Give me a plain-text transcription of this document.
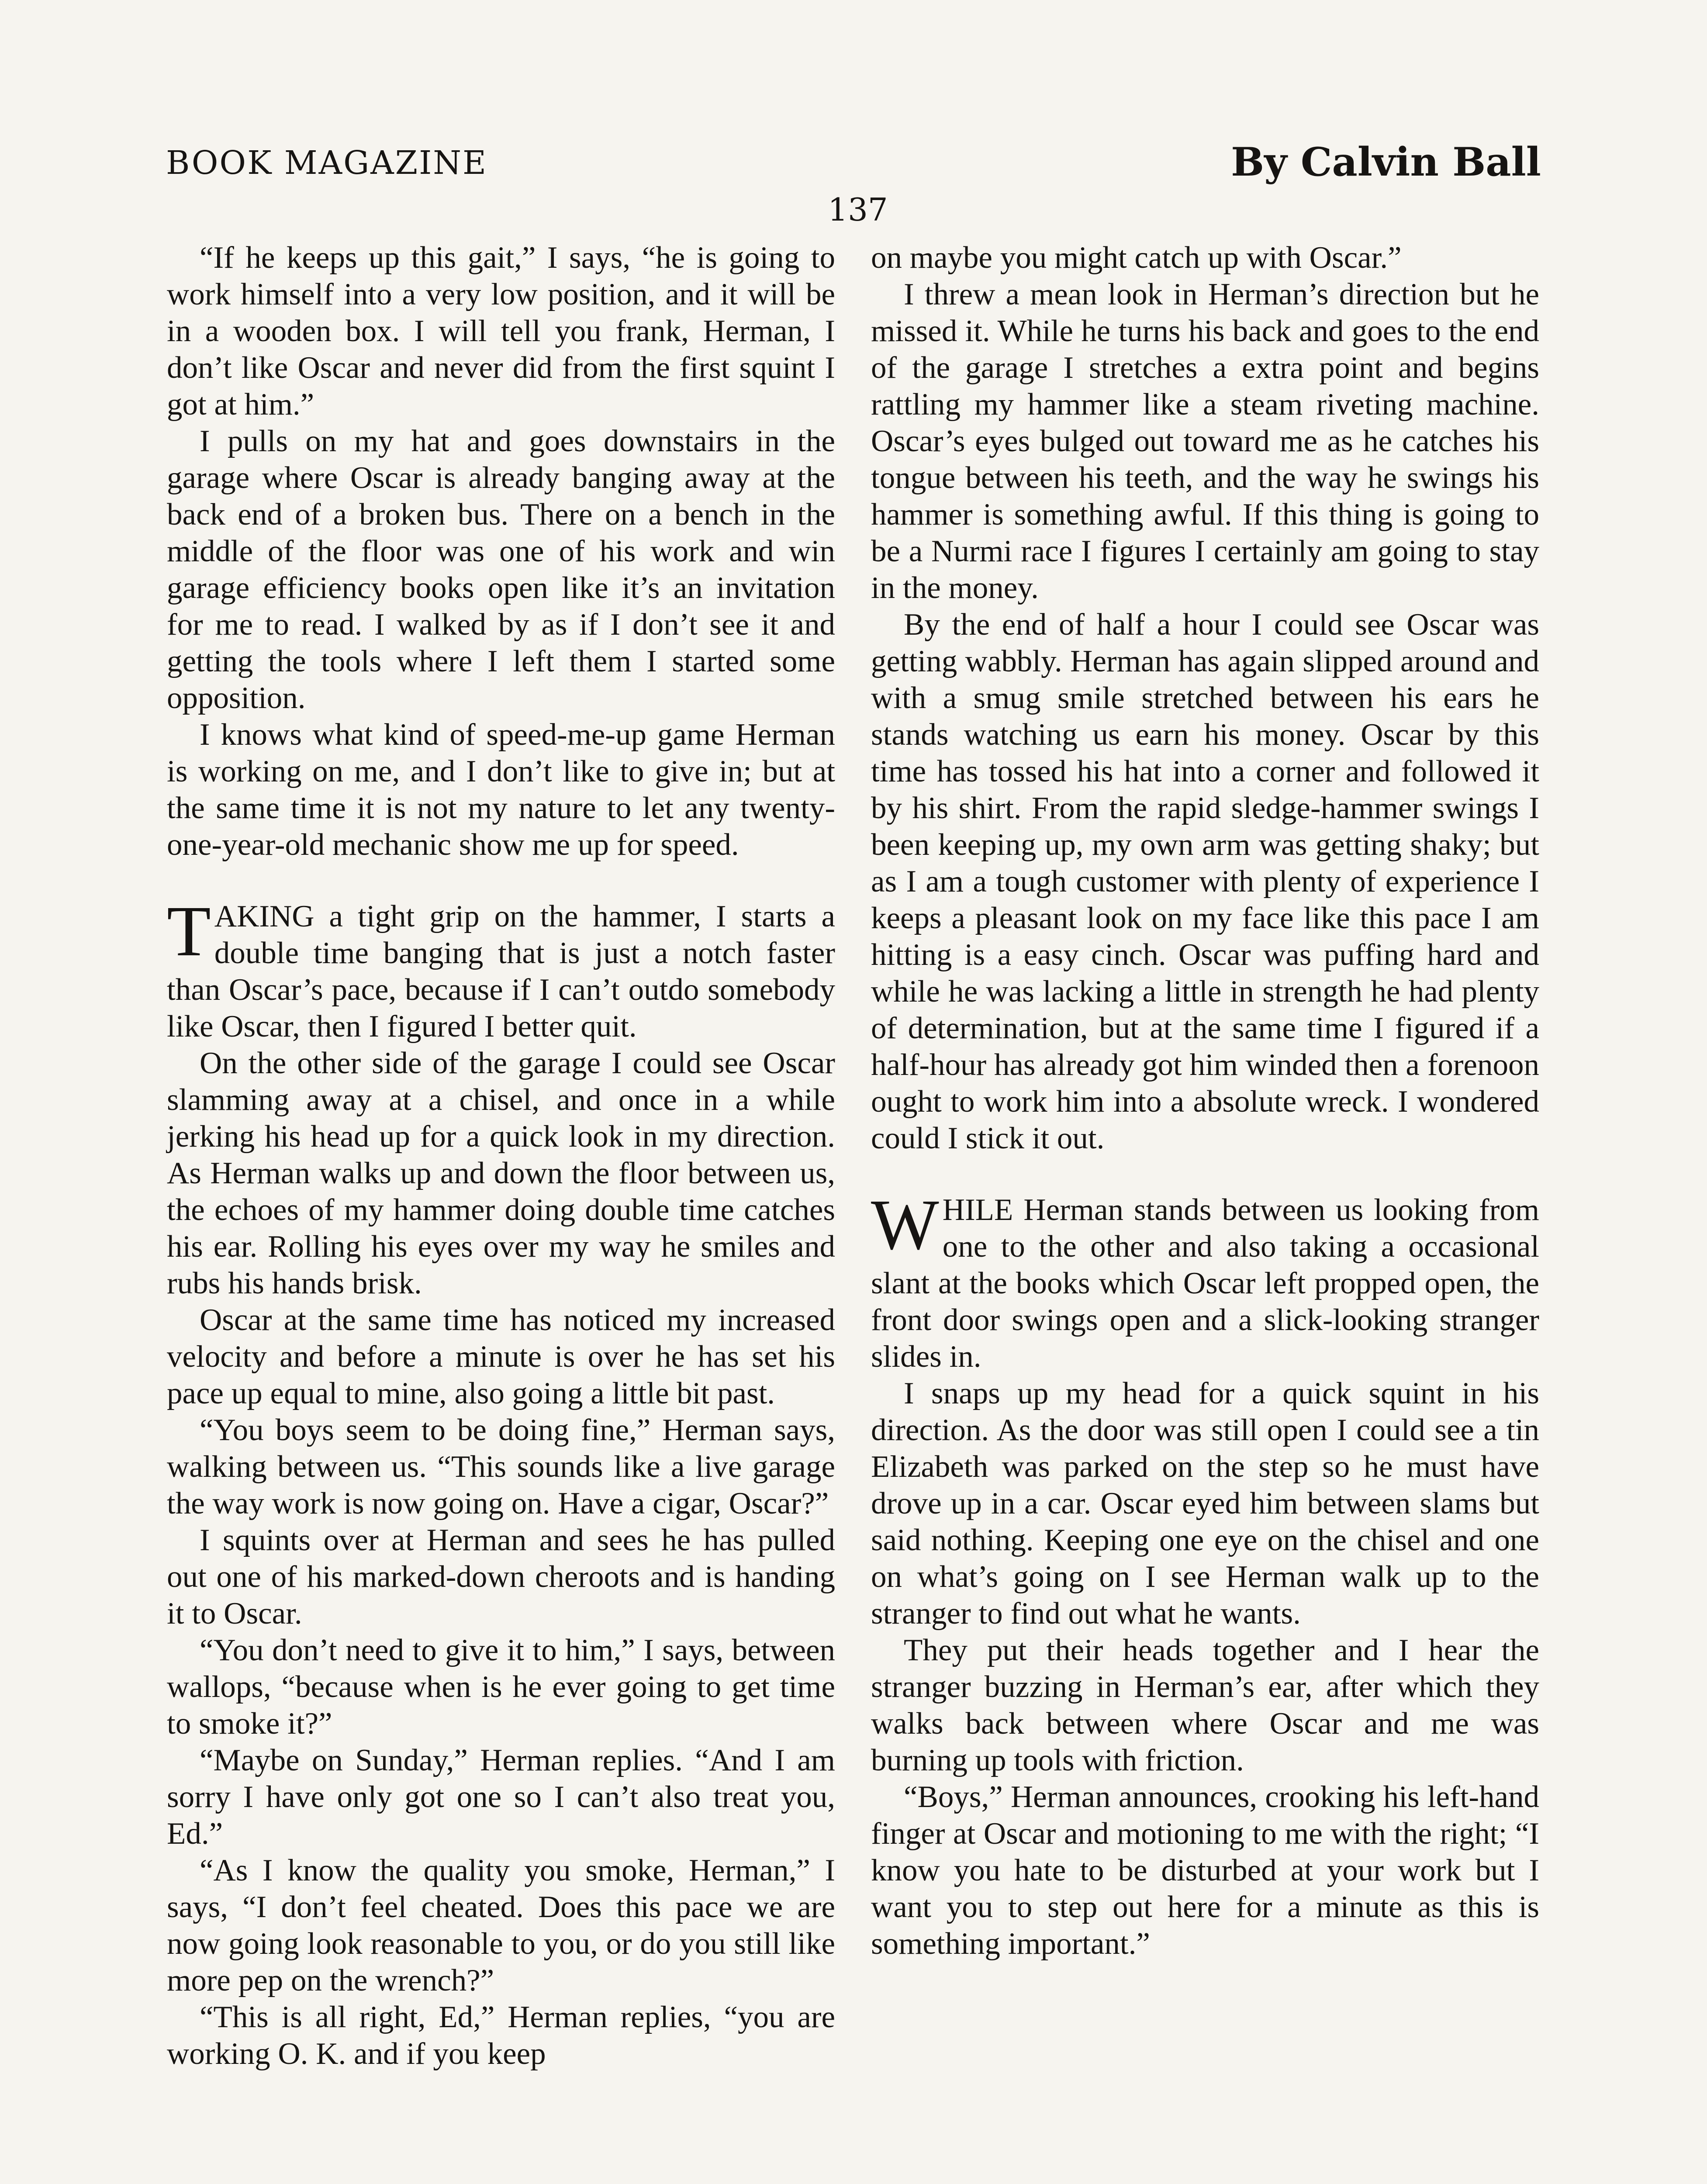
BOOK MAGAZINE	By Calvin Ball
137

“If he keeps up this gait,” I says, “he is going to work himself into a very low position, and it will be in a wooden box. I will tell you frank, Herman, I don’t like Oscar and never did from the first squint I got at him.”

I pulls on my hat and goes downstairs in the garage where Oscar is already banging away at the back end of a broken bus. There on a bench in the middle of the floor was one of his work and win garage efficiency books open like it’s an invitation for me to read. I walked by as if I don’t see it and getting the tools where I left them I started some opposition.

I knows what kind of speed-me-up game Herman is working on me, and I don’t like to give in; but at the same time it is not my nature to let any twenty-one-year-old mechanic show me up for speed.

TAKING a tight grip on the hammer, I starts a double time banging that is just a notch faster than Oscar’s pace, because if I can’t outdo somebody like Oscar, then I figured I better quit.

On the other side of the garage I could see Oscar slamming away at a chisel, and once in a while jerking his head up for a quick look in my direction. As Herman walks up and down the floor between us, the echoes of my hammer doing double time catches his ear. Rolling his eyes over my way he smiles and rubs his hands brisk.

Oscar at the same time has noticed my increased velocity and before a minute is over he has set his pace up equal to mine, also going a little bit past.

“You boys seem to be doing fine,” Herman says, walking between us. “This sounds like a live garage the way work is now going on. Have a cigar, Oscar?”

I squints over at Herman and sees he has pulled out one of his marked-down cheroots and is handing it to Oscar.

“You don’t need to give it to him,” I says, between wallops, “because when is he ever going to get time to smoke it?”

“Maybe on Sunday,” Herman replies. “And I am sorry I have only got one so I can’t also treat you, Ed.”

“As I know the quality you smoke, Herman,” I says, “I don’t feel cheated. Does this pace we are now going look reasonable to you, or do you still like more pep on the wrench?”

“This is all right, Ed,” Herman replies, “you are working O. K. and if you keep

on maybe you might catch up with Oscar.”

I threw a mean look in Herman’s direction but he missed it. While he turns his back and goes to the end of the garage I stretches a extra point and begins rattling my hammer like a steam riveting machine. Oscar’s eyes bulged out toward me as he catches his tongue between his teeth, and the way he swings his hammer is something awful. If this thing is going to be a Nurmi race I figures I certainly am going to stay in the money.

By the end of half a hour I could see Oscar was getting wabbly. Herman has again slipped around and with a smug smile stretched between his ears he stands watching us earn his money. Oscar by this time has tossed his hat into a corner and followed it by his shirt. From the rapid sledge-hammer swings I been keeping up, my own arm was getting shaky; but as I am a tough customer with plenty of experience I keeps a pleasant look on my face like this pace I am hitting is a easy cinch. Oscar was puffing hard and while he was lacking a little in strength he had plenty of determination, but at the same time I figured if a half-hour has already got him winded then a forenoon ought to work him into a absolute wreck. I wondered could I stick it out.

WHILE Herman stands between us looking from one to the other and also taking a occasional slant at the books which Oscar left propped open, the front door swings open and a slick-looking stranger slides in.

I snaps up my head for a quick squint in his direction. As the door was still open I could see a tin Elizabeth was parked on the step so he must have drove up in a car. Oscar eyed him between slams but said nothing. Keeping one eye on the chisel and one on what’s going on I see Herman walk up to the stranger to find out what he wants.

They put their heads together and I hear the stranger buzzing in Herman’s ear, after which they walks back between where Oscar and me was burning up tools with friction.

“Boys,” Herman announces, crooking his left-hand finger at Oscar and motioning to me with the right; “I know you hate to be disturbed at your work but I want you to step out here for a minute as this is something important.”
